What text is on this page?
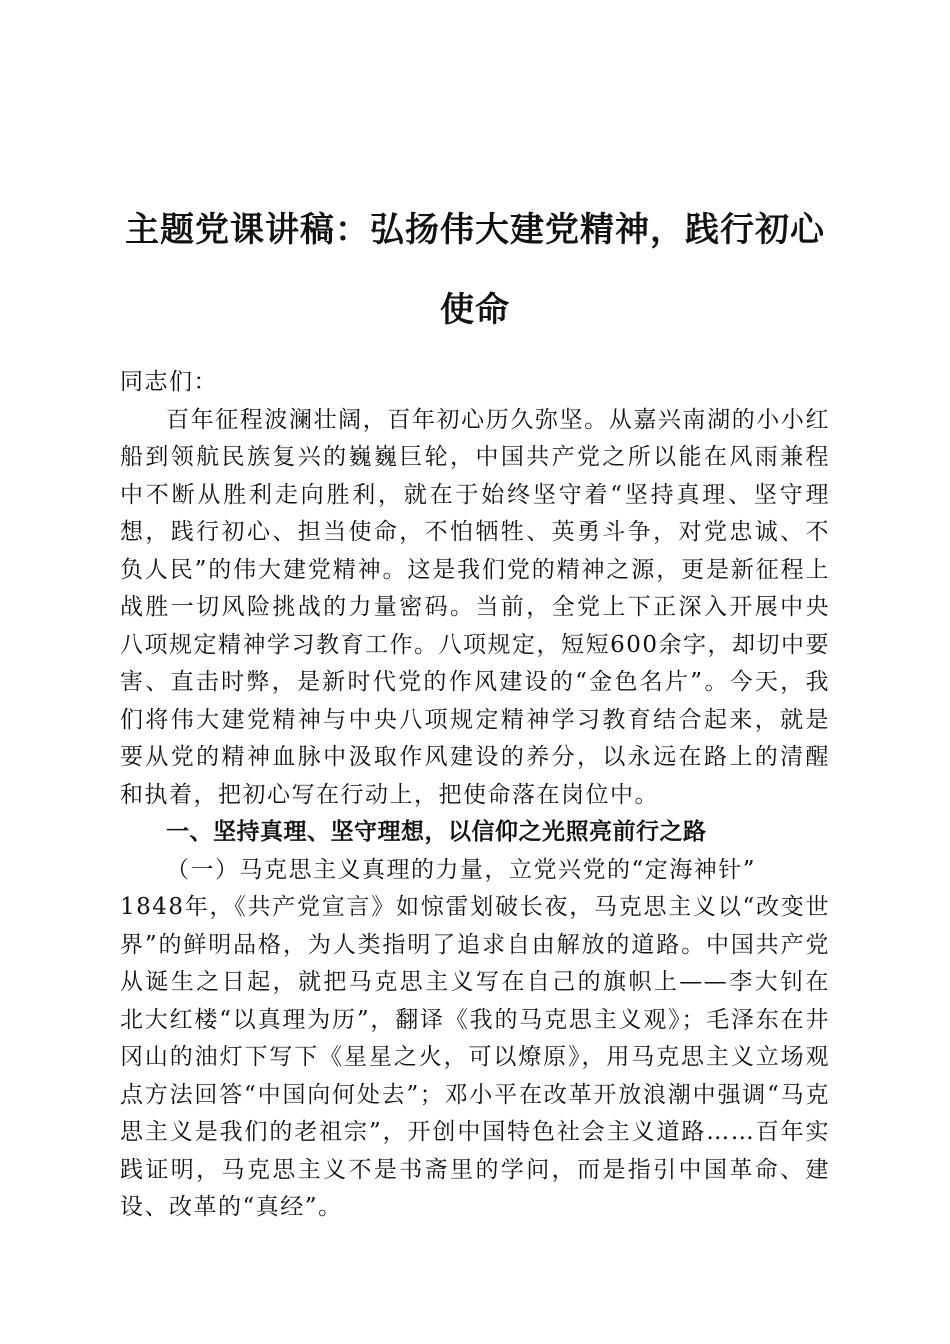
主题党课讲稿：弘扬伟大建党精神，践行初心
使命

同志们：

百年征程波澜壮阔，百年初心历久弥坚。从嘉兴南湖的小小红船到领航民族复兴的巍巍巨轮，中国共产党之所以能在风雨兼程中不断从胜利走向胜利，就在于始终坚守着“坚持真理、坚守理想，践行初心、担当使命，不怕牺牲、英勇斗争，对党忠诚、不负人民”的伟大建党精神。这是我们党的精神之源，更是新征程上战胜一切风险挑战的力量密码。当前，全党上下正深入开展中央八项规定精神学习教育工作。八项规定，短短600余字，却切中要害、直击时弊，是新时代党的作风建设的“金色名片”。今天，我们将伟大建党精神与中央八项规定精神学习教育结合起来，就是要从党的精神血脉中汲取作风建设的养分，以永远在路上的清醒和执着，把初心写在行动上，把使命落在岗位中。

一、坚持真理、坚守理想，以信仰之光照亮前行之路

（一）马克思主义真理的力量，立党兴党的“定海神针”

1848年，《共产党宣言》如惊雷划破长夜，马克思主义以“改变世界”的鲜明品格，为人类指明了追求自由解放的道路。中国共产党从诞生之日起，就把马克思主义写在自己的旗帜上——李大钊在北大红楼“以真理为历”，翻译《我的马克思主义观》；毛泽东在井冈山的油灯下写下《星星之火，可以燎原》，用马克思主义立场观点方法回答“中国向何处去”；邓小平在改革开放浪潮中强调“马克思主义是我们的老祖宗”，开创中国特色社会主义道路……百年实践证明，马克思主义不是书斋里的学问，而是指引中国革命、建设、改革的“真经”。
